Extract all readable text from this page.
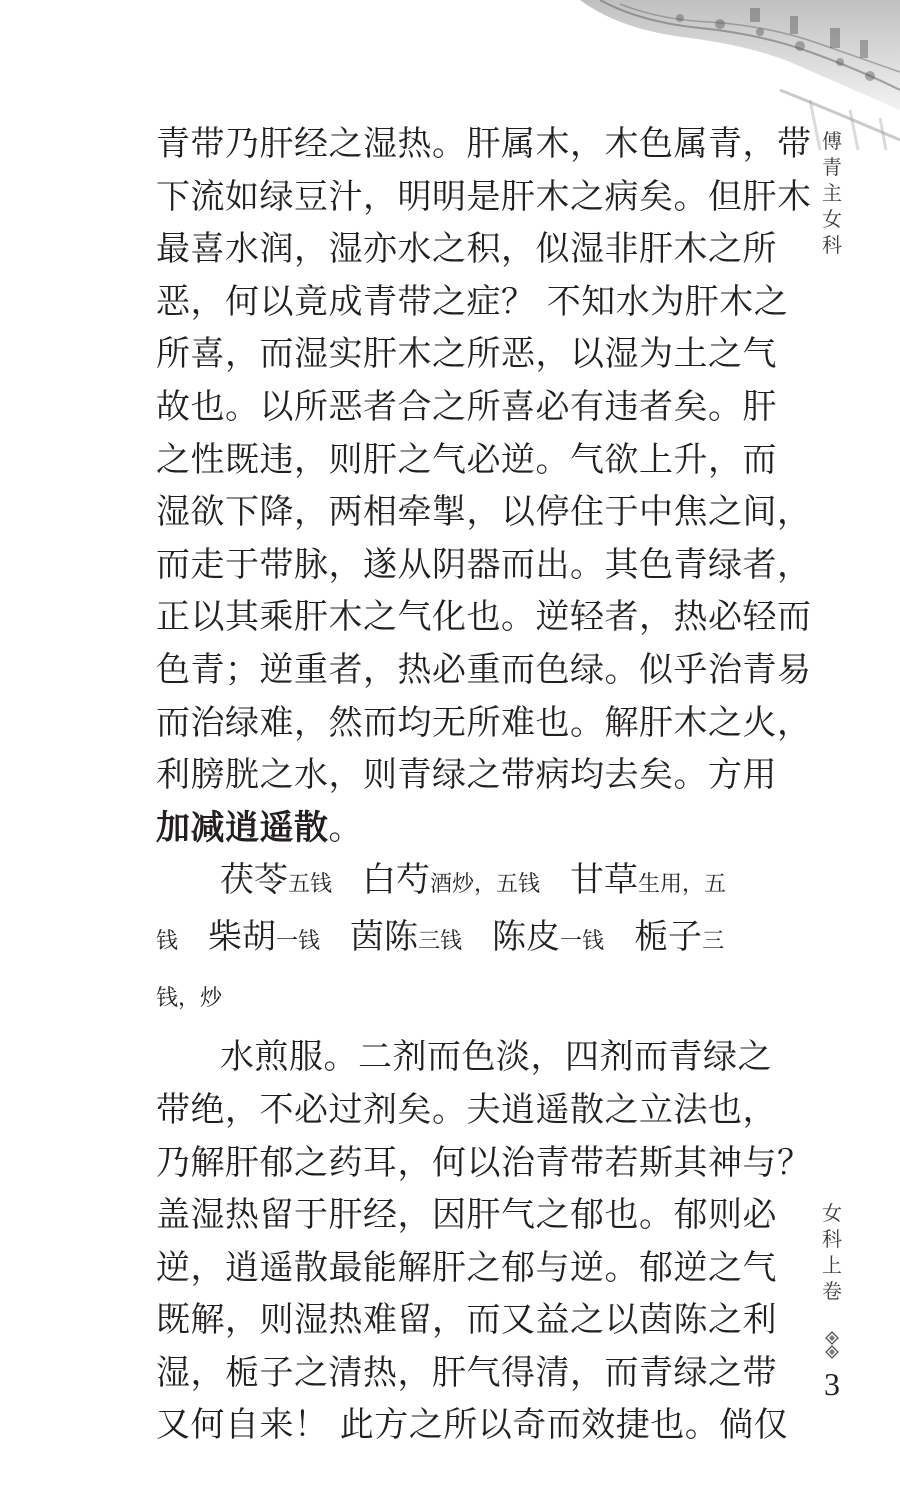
傅
青
主
女
科
女
科
上
卷
3
青带乃肝经之湿热。肝属木，木色属青，带
下流如绿豆汁，明明是肝木之病矣。但肝木
最喜水润，湿亦水之积，似湿非肝木之所
恶，何以竟成青带之症？ 不知水为肝木之
所喜，而湿实肝木之所恶，以湿为土之气
故也。以所恶者合之所喜必有违者矣。肝
之性既违，则肝之气必逆。气欲上升，而
湿欲下降，两相牵掣，以停住于中焦之间，
而走于带脉，遂从阴器而出。其色青绿者，
正以其乘肝木之气化也。逆轻者，热必轻而
色青；逆重者，热必重而色绿。似乎治青易
而治绿难，然而均无所难也。解肝木之火，
利膀胱之水，则青绿之带病均去矣。方用
加减逍遥散。
茯苓五钱 白芍酒炒，五钱 甘草生用，五
钱 柴胡一钱 茵陈三钱 陈皮一钱 栀子三
钱，炒
水煎服。二剂而色淡，四剂而青绿之
带绝，不必过剂矣。夫逍遥散之立法也，
乃解肝郁之药耳，何以治青带若斯其神与？
盖湿热留于肝经，因肝气之郁也。郁则必
逆，逍遥散最能解肝之郁与逆。郁逆之气
既解，则湿热难留，而又益之以茵陈之利
湿，栀子之清热，肝气得清，而青绿之带
又何自来！ 此方之所以奇而效捷也。倘仅
